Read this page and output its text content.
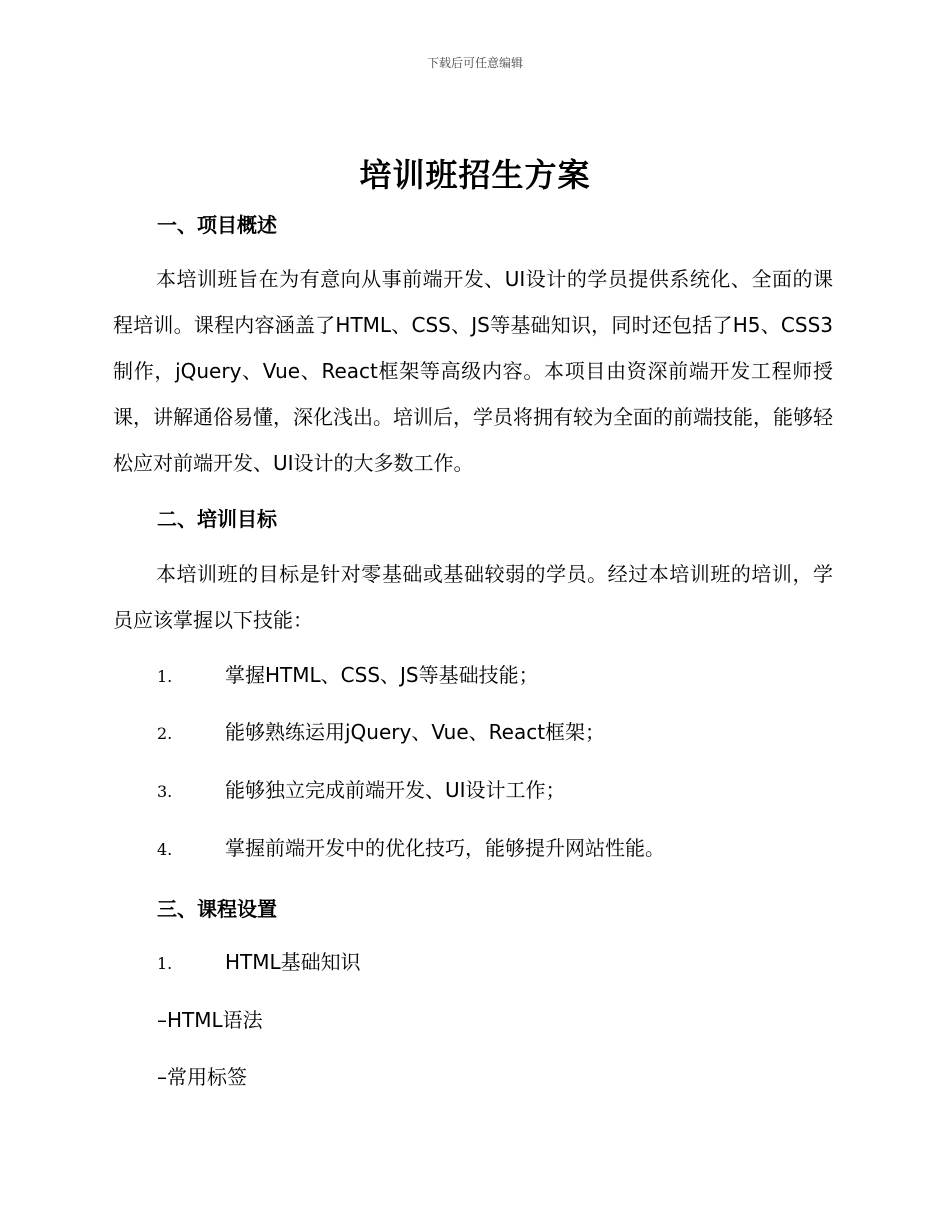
下载后可任意编辑
培训班招生方案
一、项目概述
本培训班旨在为有意向从事前端开发、UI设计的学员提供系统化、全面的课程培训。课程内容涵盖了HTML、CSS、JS等基础知识，同时还包括了H5、CSS3制作，jQuery、Vue、React框架等高级内容。本项目由资深前端开发工程师授课，讲解通俗易懂，深化浅出。培训后，学员将拥有较为全面的前端技能，能够轻松应对前端开发、UI设计的大多数工作。
二、培训目标
本培训班的目标是针对零基础或基础较弱的学员。经过本培训班的培训，学员应该掌握以下技能：
1.	掌握HTML、CSS、JS等基础技能；
2.	能够熟练运用jQuery、Vue、React框架；
3.	能够独立完成前端开发、UI设计工作；
4.	掌握前端开发中的优化技巧，能够提升网站性能。
三、课程设置
1.	HTML基础知识
–HTML语法
–常用标签
